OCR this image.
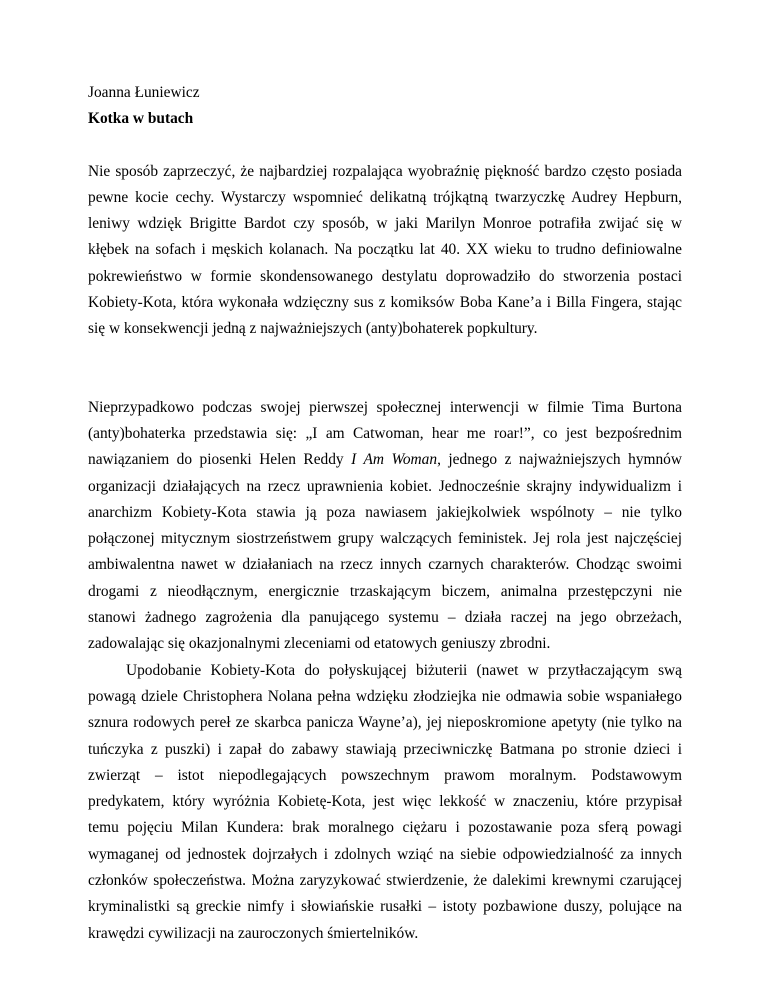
Joanna Łuniewicz

Kotka w butach

Nie sposób zaprzeczyć, że najbardziej rozpalająca wyobraźnię piękność bardzo często posiada
pewne kocie cechy. Wystarczy wspomnieć delikatną trójkątną twarzyczkę Audrey Hepburn,
leniwy wdzięk Brigitte Bardot czy sposób, w jaki Marilyn Monroe potrafiła zwijać się w
kłębek na sofach i męskich kolanach. Na początku lat 40. XX wieku to trudno definiowalne
pokrewieństwo w formie skondensowanego destylatu doprowadziło do stworzenia postaci
Kobiety-Kota, która wykonała wdzięczny sus z komiksów Boba Kane’a i Billa Fingera, stając
się w konsekwencji jedną z najważniejszych (anty)bohaterek popkultury.
Nieprzypadkowo podczas swojej pierwszej społecznej interwencji w filmie Tima Burtona
(anty)bohaterka przedstawia się: „I am Catwoman, hear me roar!”, co jest bezpośrednim
nawiązaniem do piosenki Helen Reddy I Am Woman, jednego z najważniejszych hymnów
organizacji działających na rzecz uprawnienia kobiet. Jednocześnie skrajny indywidualizm i
anarchizm Kobiety-Kota stawia ją poza nawiasem jakiejkolwiek wspólnoty – nie tylko
połączonej mitycznym siostrzeństwem grupy walczących feministek. Jej rola jest najczęściej
ambiwalentna nawet w działaniach na rzecz innych czarnych charakterów. Chodząc swoimi
drogami z nieodłącznym, energicznie trzaskającym biczem, animalna przestępczyni nie
stanowi żadnego zagrożenia dla panującego systemu – działa raczej na jego obrzeżach,
zadowalając się okazjonalnymi zleceniami od etatowych geniuszy zbrodni.
Upodobanie Kobiety-Kota do połyskującej biżuterii (nawet w przytłaczającym swą
powagą dziele Christophera Nolana pełna wdzięku złodziejka nie odmawia sobie wspaniałego
sznura rodowych pereł ze skarbca panicza Wayne’a), jej nieposkromione apetyty (nie tylko na
tuńczyka z puszki) i zapał do zabawy stawiają przeciwniczkę Batmana po stronie dzieci i
zwierząt – istot niepodlegających powszechnym prawom moralnym. Podstawowym
predykatem, który wyróżnia Kobietę-Kota, jest więc lekkość w znaczeniu, które przypisał
temu pojęciu Milan Kundera: brak moralnego ciężaru i pozostawanie poza sferą powagi
wymaganej od jednostek dojrzałych i zdolnych wziąć na siebie odpowiedzialność za innych
członków społeczeństwa. Można zaryzykować stwierdzenie, że dalekimi krewnymi czarującej
kryminalistki są greckie nimfy i słowiańskie rusałki – istoty pozbawione duszy, polujące na
krawędzi cywilizacji na zauroczonych śmiertelników.
